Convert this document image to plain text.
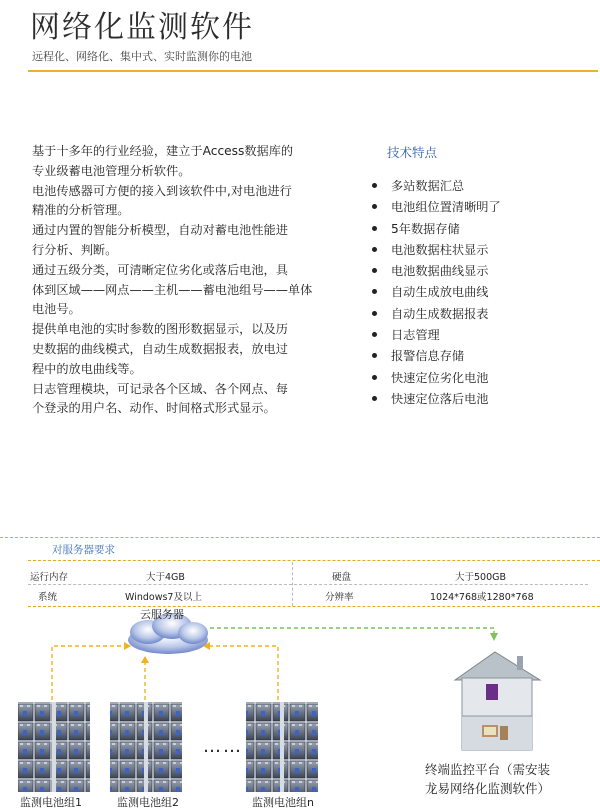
网络化监测软件
远程化、网络化、集中式、实时监测你的电池
基于十多年的行业经验，建立于Access数据库的
专业级蓄电池管理分析软件。
电池传感器可方便的接入到该软件中,对电池进行
精准的分析管理。
通过内置的智能分析模型，自动对蓄电池性能进
行分析、判断。
通过五级分类，可清晰定位劣化或落后电池，具
体到区域——网点——主机——蓄电池组号——单体
电池号。
提供单电池的实时参数的图形数据显示，以及历
史数据的曲线模式，自动生成数据报表，放电过
程中的放电曲线等。
日志管理模块，可记录各个区域、各个网点、每
个登录的用户名、动作、时间格式形式显示。
技术特点
多站数据汇总
电池组位置清晰明了
5年数据存储
电池数据柱状显示
电池数据曲线显示
自动生成放电曲线
自动生成数据报表
日志管理
报警信息存储
快速定位劣化电池
快速定位落后电池
对服务器要求
运行内存	大于4GB	硬盘	大于500GB
系统	Windows7及以上	分辨率	1024*768或1280*768
云服务器
……
监测电池组1	监测电池组2	监测电池组n
终端监控平台（需安装
龙易网络化监测软件）
